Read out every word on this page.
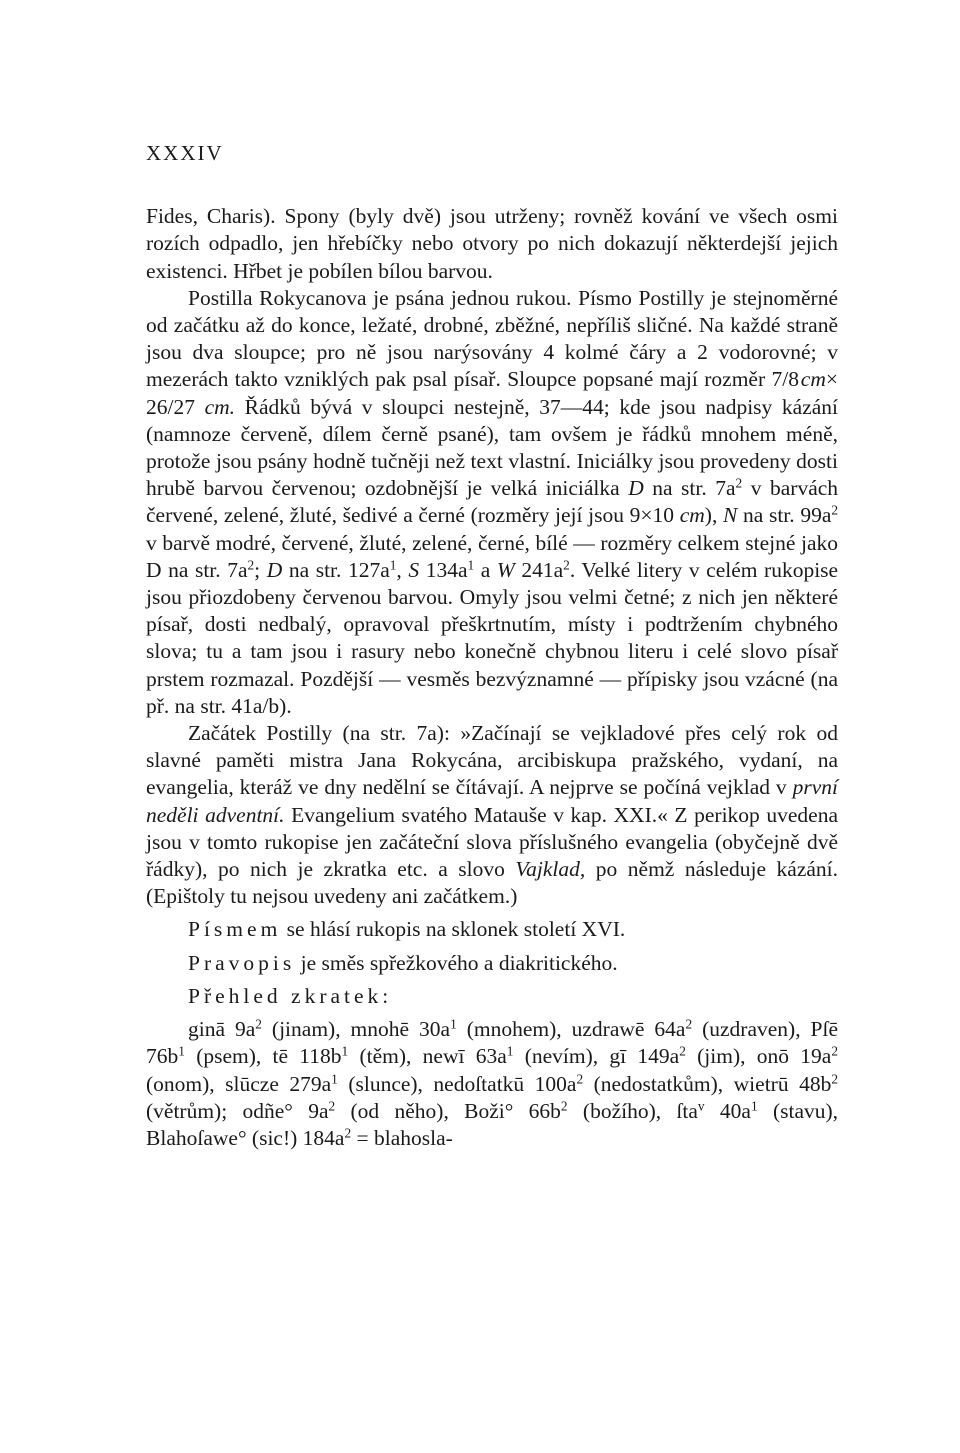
XXXIV

Fides, Charis). Spony (byly dvě) jsou utrženy; rovněž kování ve všech osmi rozích odpadlo, jen hřebíčky nebo otvory po nich dokazují některdejší jejich existenci. Hřbet je pobílen bílou barvou.

Postilla Rokycanova je psána jednou rukou. Písmo Postilly je stejnoměrné od začátku až do konce, ležaté, drobné, zběžné, nepříliš sličné. Na každé straně jsou dva sloupce; pro ně jsou narýsovány 4 kolmé čáry a 2 vodorovné; v mezerách takto vzniklých pak psal písař. Sloupce popsané mají rozměr 7/8 cm× 26/27 cm. Řádků bývá v sloupci nestejně, 37—44; kde jsou nadpisy kázání (namnoze červeně, dílem černě psané), tam ovšem je řádků mnohem méně, protože jsou psány hodně tučněji než text vlastní. Iniciálky jsou provedeny dosti hrubě barvou červenou; ozdobnější je velká iniciálka D na str. $7a^2$ v barvách červené, zelené, žluté, šedivé a černé (rozměry její jsou 9×10 cm), N na str. $99a^2$ v barvě modré, červené, žluté, zelené, černé, bílé — rozměry celkem stejné jako D na str. $7a^2$; D na str. $127a^1$, S $134a^1$ a W $241a^2$. Velké litery v celém rukopise jsou přiozdobeny červenou barvou. Omyly jsou velmi četné; z nich jen některé písař, dosti nedbalý, opravoval přeškrtnutím, místy i podtržením chybného slova; tu a tam jsou i rasury nebo konečně chybnou literu i celé slovo písař prstem rozmazal. Pozdější — vesměs bezvýznamné — přípisky jsou vzácné (na př. na str. 41a/b).

Začátek Postilly (na str. 7a): »Začínají se vejkladové přes celý rok od slavné paměti mistra Jana Rokycána, arcibiskupa pražského, vydaní, na evangelia, kteráž ve dny nedělní se čítávají. A nejprve se počíná vejklad v první neděli adventní. Evangelium svatého Matauše v kap. XXI.« Z perikop uvedena jsou v tomto rukopise jen začáteční slova příslušného evangelia (obyčejně dvě řádky), po nich je zkratka etc. a slovo Vajklad, po němž následuje kázání. (Epištoly tu nejsou uvedeny ani začátkem.)

Písmem se hlásí rukopis na sklonek století XVI.

Pravopis je směs spřežkového a diakritického.

Přehled zkratek:

ginā $9a^2$ (jinam), mnohē $30a^1$ (mnohem), uzdrawē $64a^2$ (uzdraven), Pſē $76b^1$ (psem), tē $118b^1$ (těm), newī $63a^1$ (nevím), gī $149a^2$ (jim), onō $19a^2$ (onom), slūcze $279a^1$ (slunce), nedoſtatkū $100a^2$ (nedostatkům), wietrū $48b^2$ (větrům); odñe° $9a^2$ (od něho), Boži° $66b^2$ (božího), ſta$^v$ $40a^1$ (stavu), Blahoſawe° (sic!) $184a^2$ = blahosla-
